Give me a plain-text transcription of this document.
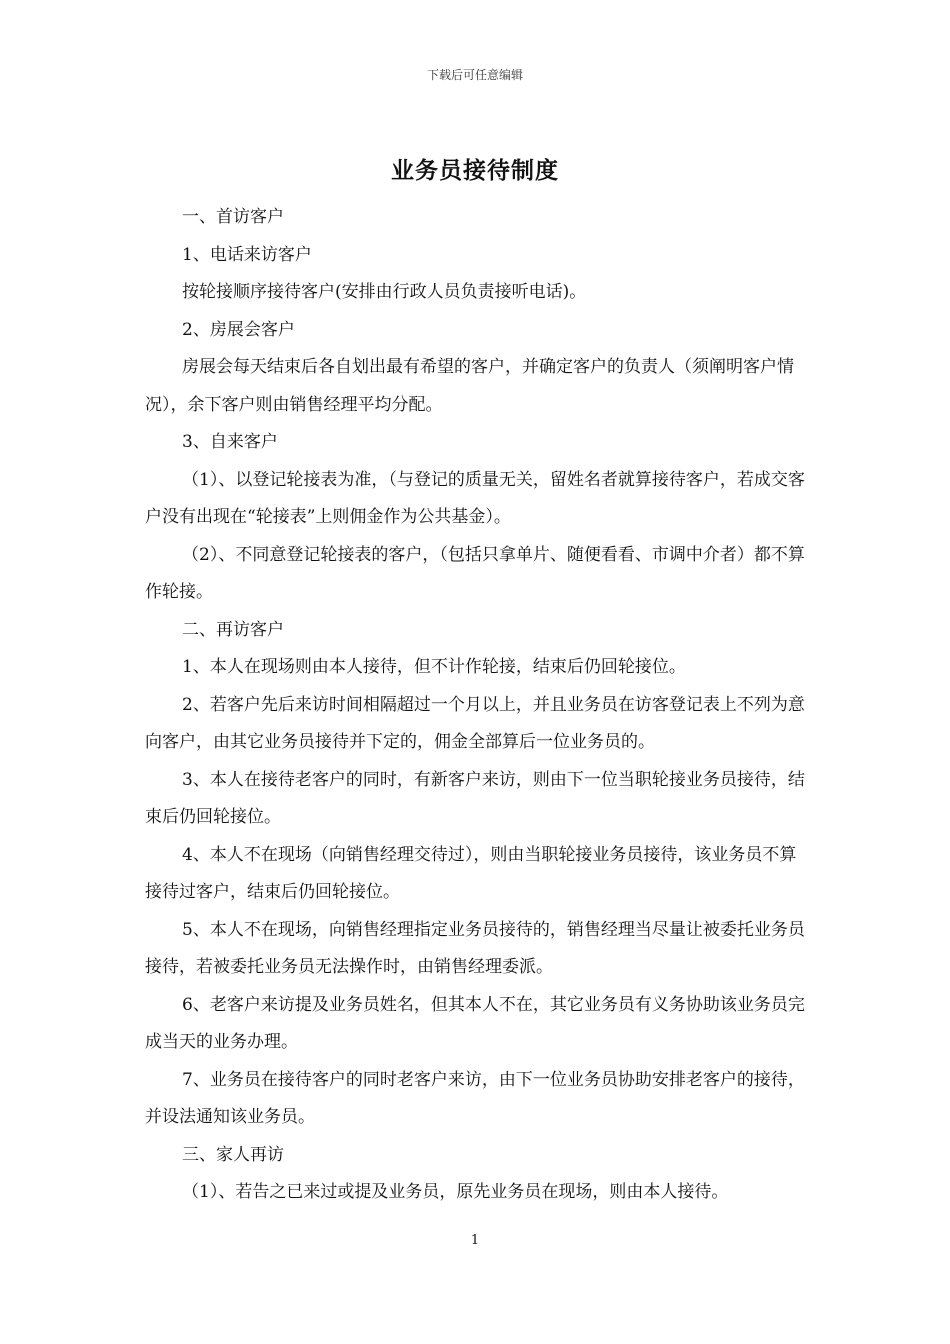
下载后可任意编辑
业务员接待制度

一、首访客户

1、电话来访客户

按轮接顺序接待客户(安排由行政人员负责接听电话)。

2、房展会客户

房展会每天结束后各自划出最有希望的客户，并确定客户的负责人（须阐明客户情况），余下客户则由销售经理平均分配。

3、自来客户

（1）、以登记轮接表为准，（与登记的质量无关，留姓名者就算接待客户，若成交客户没有出现在“轮接表”上则佣金作为公共基金）。

（2）、不同意登记轮接表的客户，（包括只拿单片、随便看看、市调中介者）都不算作轮接。

二、再访客户

1、本人在现场则由本人接待，但不计作轮接，结束后仍回轮接位。

2、若客户先后来访时间相隔超过一个月以上，并且业务员在访客登记表上不列为意向客户，由其它业务员接待并下定的，佣金全部算后一位业务员的。

3、本人在接待老客户的同时，有新客户来访，则由下一位当职轮接业务员接待，结束后仍回轮接位。

4、本人不在现场（向销售经理交待过），则由当职轮接业务员接待，该业务员不算接待过客户，结束后仍回轮接位。

5、本人不在现场，向销售经理指定业务员接待的，销售经理当尽量让被委托业务员接待，若被委托业务员无法操作时，由销售经理委派。

6、老客户来访提及业务员姓名，但其本人不在，其它业务员有义务协助该业务员完成当天的业务办理。

7、业务员在接待客户的同时老客户来访，由下一位业务员协助安排老客户的接待，并设法通知该业务员。

三、家人再访

（1）、若告之已来过或提及业务员，原先业务员在现场，则由本人接待。

1
